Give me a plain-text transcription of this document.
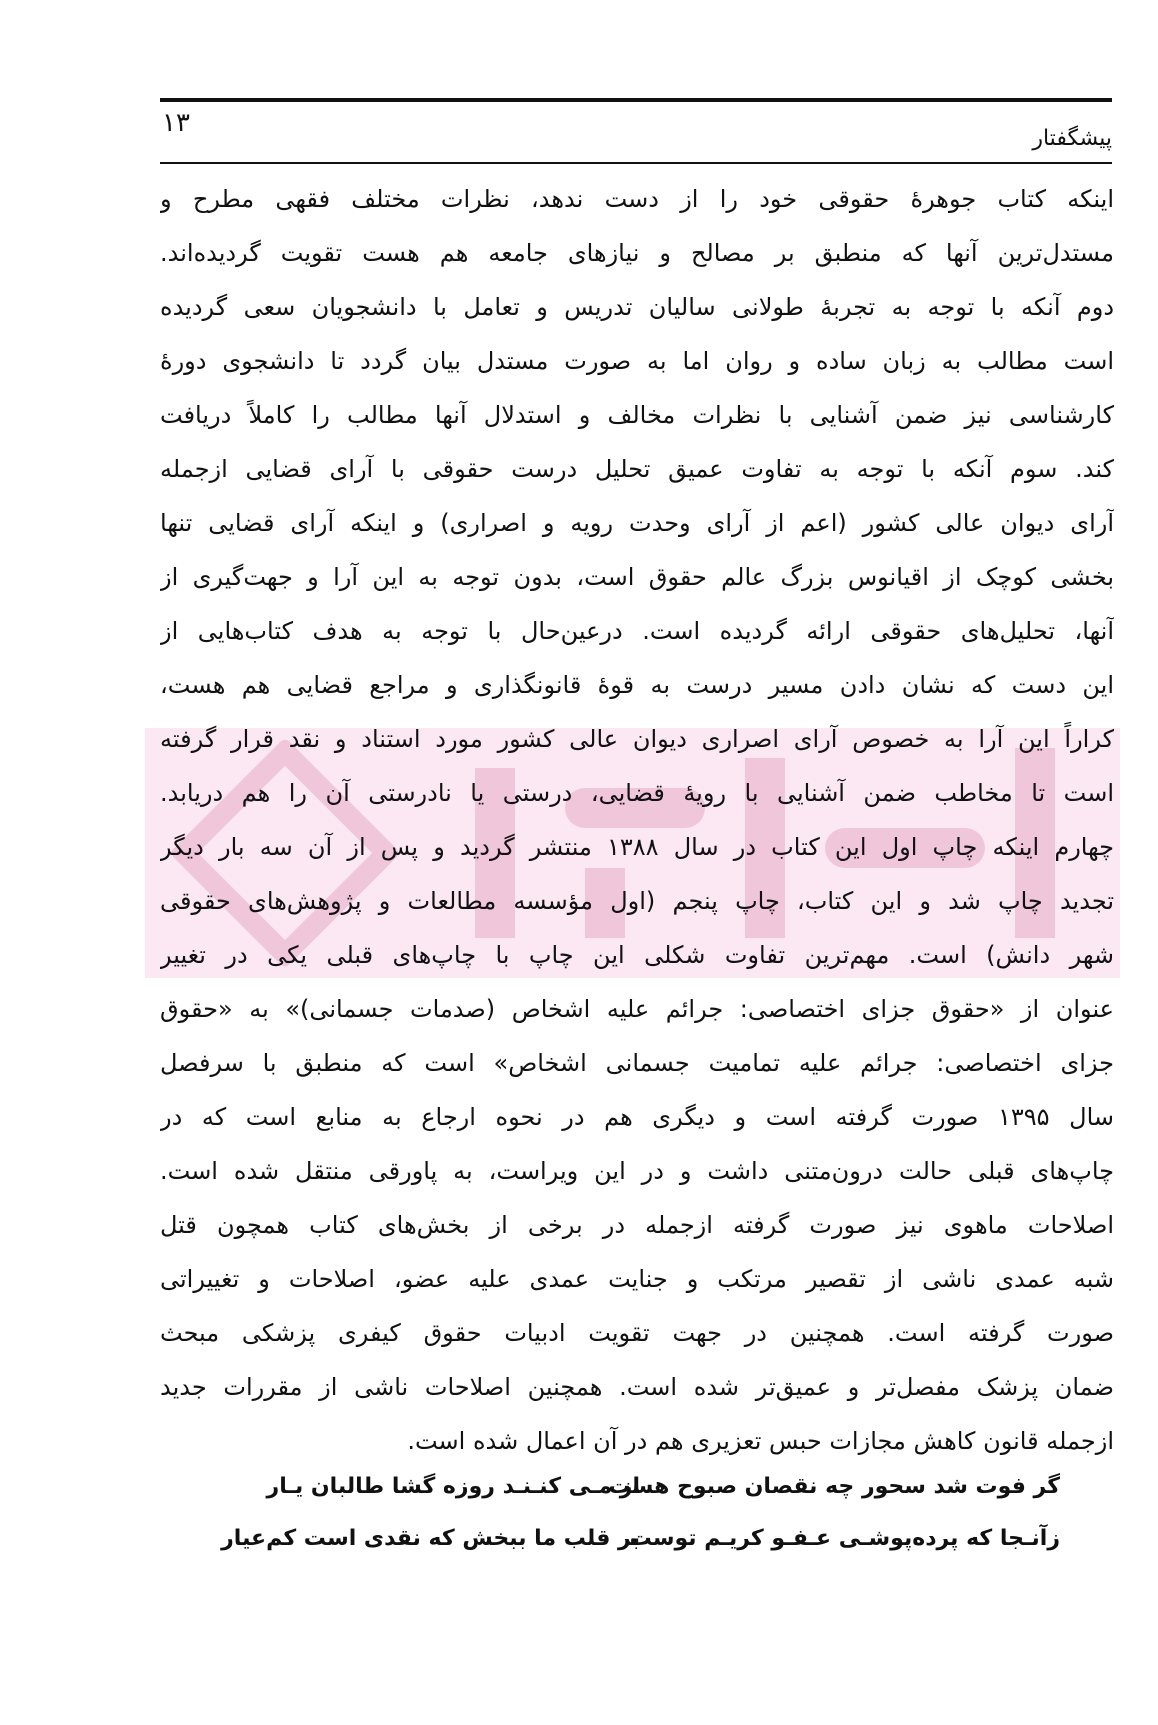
۱۳
پیشگفتار
اینکه کتاب جوهرهٔ حقوقی خود را از دست ندهد، نظرات مختلف فقهی مطرح و
مستدل‌ترین آنها که منطبق بر مصالح و نیازهای جامعه هم هست تقویت گردیده‌اند.
دوم آنکه با توجه به تجربهٔ طولانی سالیان تدریس و تعامل با دانشجویان سعی گردیده
است مطالب به زبان ساده و روان اما به صورت مستدل بیان گردد تا دانشجوی دورهٔ
کارشناسی نیز ضمن آشنایی با نظرات مخالف و استدلال آنها مطالب را کاملاً دریافت
کند. سوم آنکه با توجه به تفاوت عمیق تحلیل درست حقوقی با آرای قضایی ازجمله
آرای دیوان عالی کشور (اعم از آرای وحدت رویه و اصراری) و اینکه آرای قضایی تنها
بخشی کوچک از اقیانوس بزرگ عالم حقوق است، بدون توجه به این آرا و جهت‌گیری از
آنها، تحلیل‌های حقوقی ارائه گردیده است. درعین‌حال با توجه به هدف کتاب‌هایی از
این دست که نشان دادن مسیر درست به قوهٔ قانونگذاری و مراجع قضایی هم هست،
کراراً این آرا به خصوص آرای اصراری دیوان عالی کشور مورد استناد و نقد قرار گرفته
است تا مخاطب ضمن آشنایی با رویهٔ قضایی، درستی یا نادرستی آن را هم دریابد.
چهارم اینکه چاپ اول این کتاب در سال ۱۳۸۸ منتشر گردید و پس از آن سه بار دیگر
تجدید چاپ شد و این کتاب، چاپ پنجم (اول مؤسسه مطالعات و پژوهش‌های حقوقی
شهر دانش) است. مهم‌ترین تفاوت شکلی این چاپ با چاپ‌های قبلی یکی در تغییر
عنوان از «حقوق جزای اختصاصی: جرائم علیه اشخاص (صدمات جسمانی)» به «حقوق
جزای اختصاصی: جرائم علیه تمامیت جسمانی اشخاص» است که منطبق با سرفصل
سال ۱۳۹۵ صورت گرفته است و دیگری هم در نحوه ارجاع به منابع است که در
چاپ‌های قبلی حالت درون‌متنی داشت و در این ویراست، به پاورقی منتقل شده است.
اصلاحات ماهوی نیز صورت گرفته ازجمله در برخی از بخش‌های کتاب همچون قتل
شبه عمدی ناشی از تقصیر مرتکب و جنایت عمدی علیه عضو، اصلاحات و تغییراتی
صورت گرفته است. همچنین در جهت تقویت ادبیات حقوق کیفری پزشکی مبحث
ضمان پزشک مفصل‌تر و عمیق‌تر شده است. همچنین اصلاحات ناشی از مقررات جدید
ازجمله قانون کاهش مجازات حبس تعزیری هم در آن اعمال شده است.
گر فوت شد سحور چه نقصان صبوح هست
از مـی کنـنـد روزه گشا طالبان یـار
زآنـجا که پرده‌پوشـی عـفـو کریـم توست
بر قلب ما ببخش که نقدی است کم‌عیار
